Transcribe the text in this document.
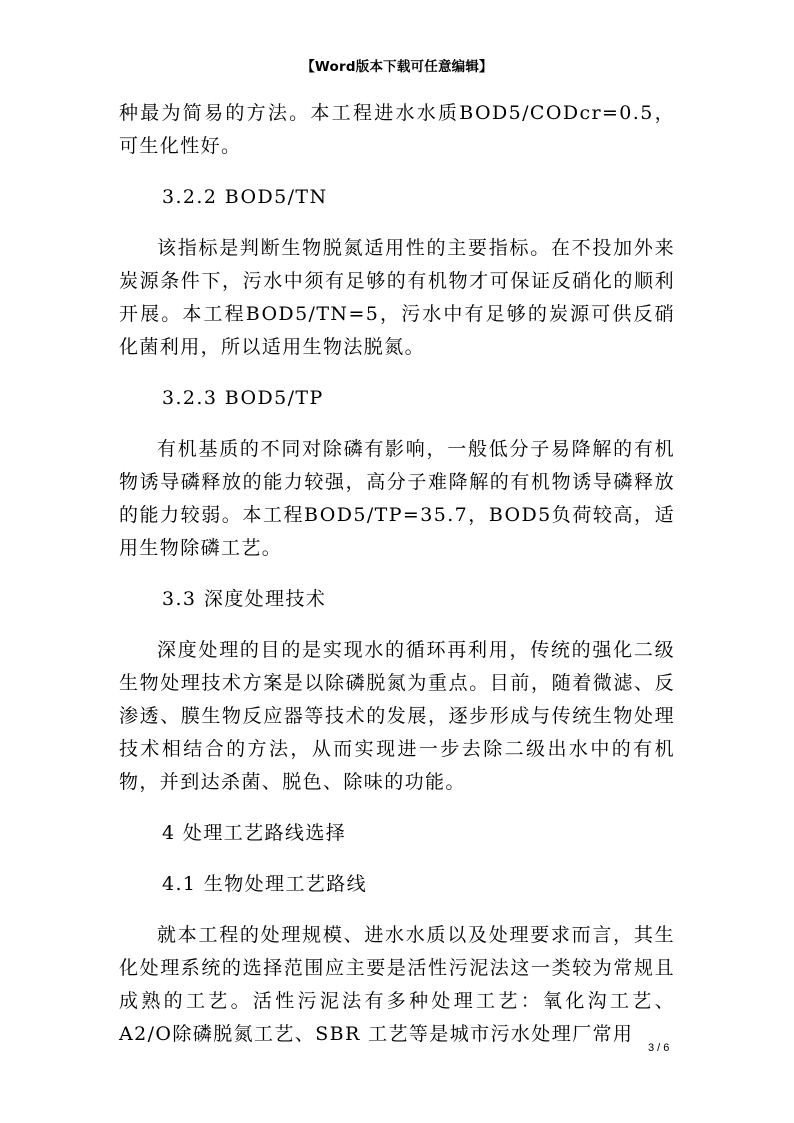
【Word版本下载可任意编辑】

种最为简易的方法。本工程进水水质BOD5/CODcr=0.5，可生化性好。

3.2.2 BOD5/TN

该指标是判断生物脱氮适用性的主要指标。在不投加外来炭源条件下，污水中须有足够的有机物才可保证反硝化的顺利开展。本工程BOD5/TN=5，污水中有足够的炭源可供反硝化菌利用，所以适用生物法脱氮。

3.2.3 BOD5/TP

有机基质的不同对除磷有影响，一般低分子易降解的有机物诱导磷释放的能力较强，高分子难降解的有机物诱导磷释放的能力较弱。本工程BOD5/TP=35.7，BOD5负荷较高，适用生物除磷工艺。

3.3 深度处理技术

深度处理的目的是实现水的循环再利用，传统的强化二级生物处理技术方案是以除磷脱氮为重点。目前，随着微滤、反渗透、膜生物反应器等技术的发展，逐步形成与传统生物处理技术相结合的方法，从而实现进一步去除二级出水中的有机物，并到达杀菌、脱色、除味的功能。

4 处理工艺路线选择

4.1 生物处理工艺路线

就本工程的处理规模、进水水质以及处理要求而言，其生化处理系统的选择范围应主要是活性污泥法这一类较为常规且成熟的工艺。活性污泥法有多种处理工艺：氧化沟工艺、A2/O除磷脱氮工艺、SBR 工艺等是城市污水处理厂常用

3 / 6
